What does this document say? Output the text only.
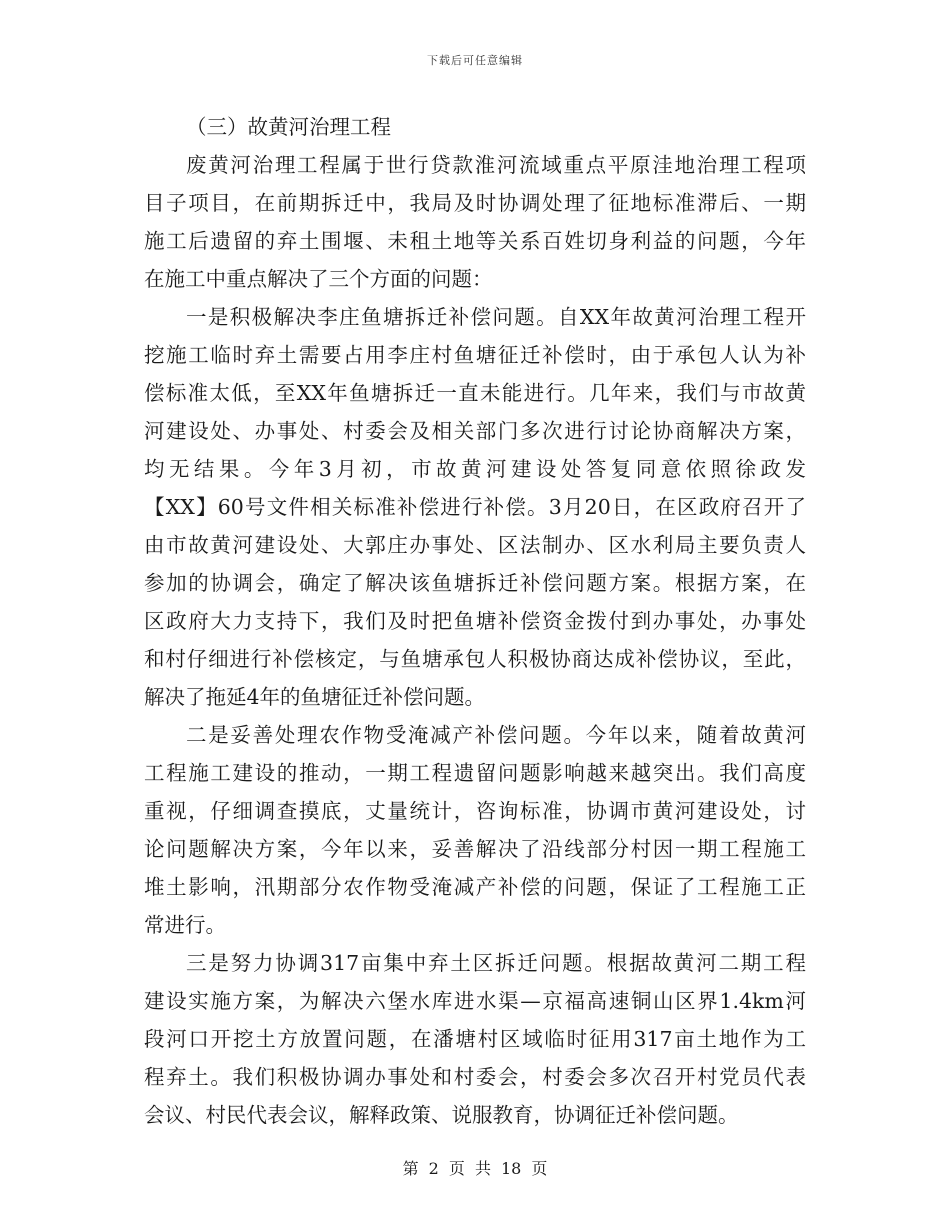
下载后可任意编辑
（三）故黄河治理工程
废黄河治理工程属于世行贷款淮河流域重点平原洼地治理工程项
目子项目，在前期拆迁中，我局及时协调处理了征地标准滞后、一期
施工后遗留的弃土围堰、未租土地等关系百姓切身利益的问题，今年
在施工中重点解决了三个方面的问题：
一是积极解决李庄鱼塘拆迁补偿问题。自XX年故黄河治理工程开
挖施工临时弃土需要占用李庄村鱼塘征迁补偿时，由于承包人认为补
偿标准太低，至XX年鱼塘拆迁一直未能进行。几年来，我们与市故黄
河建设处、办事处、村委会及相关部门多次进行讨论协商解决方案，
均无结果。今年3月初，市故黄河建设处答复同意依照徐政发
【XX】60号文件相关标准补偿进行补偿。3月20日，在区政府召开了
由市故黄河建设处、大郭庄办事处、区法制办、区水利局主要负责人
参加的协调会，确定了解决该鱼塘拆迁补偿问题方案。根据方案，在
区政府大力支持下，我们及时把鱼塘补偿资金拨付到办事处，办事处
和村仔细进行补偿核定，与鱼塘承包人积极协商达成补偿协议，至此，
解决了拖延4年的鱼塘征迁补偿问题。
二是妥善处理农作物受淹减产补偿问题。今年以来，随着故黄河
工程施工建设的推动，一期工程遗留问题影响越来越突出。我们高度
重视，仔细调查摸底，丈量统计，咨询标准，协调市黄河建设处，讨
论问题解决方案，今年以来，妥善解决了沿线部分村因一期工程施工
堆土影响，汛期部分农作物受淹减产补偿的问题，保证了工程施工正
常进行。
三是努力协调317亩集中弃土区拆迁问题。根据故黄河二期工程
建设实施方案，为解决六堡水库进水渠—京福高速铜山区界1.4km河
段河口开挖土方放置问题，在潘塘村区域临时征用317亩土地作为工
程弃土。我们积极协调办事处和村委会，村委会多次召开村党员代表
会议、村民代表会议，解释政策、说服教育，协调征迁补偿问题。
第 2 页  共 18 页
